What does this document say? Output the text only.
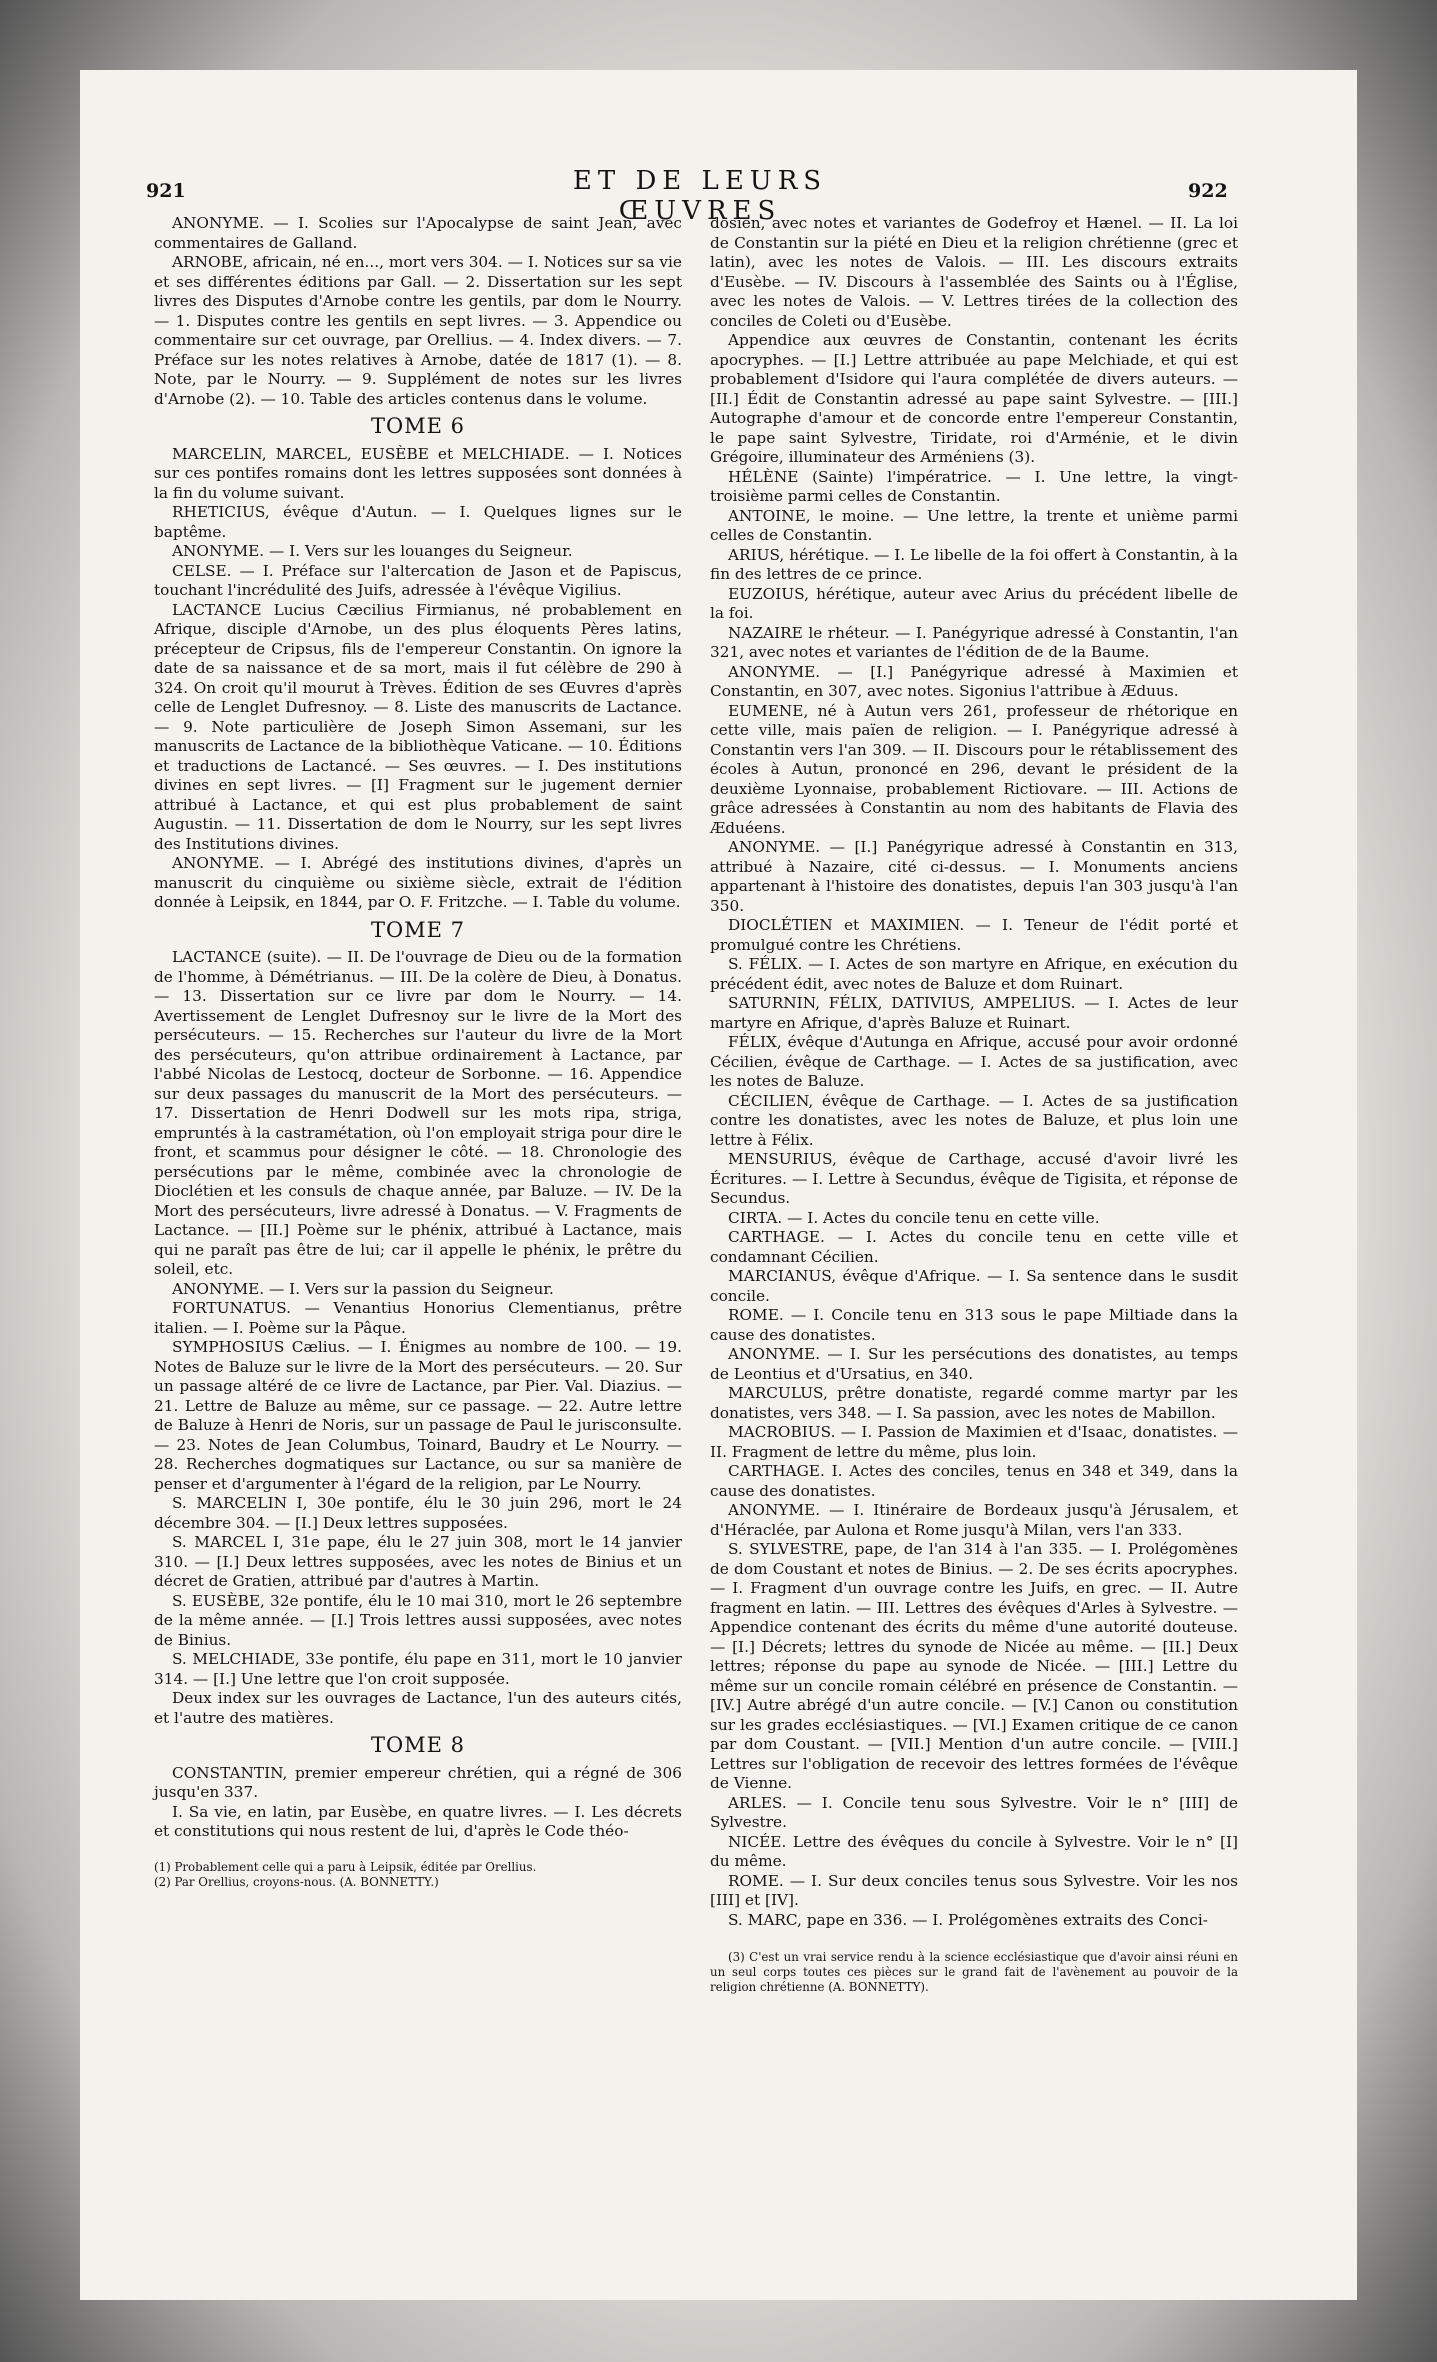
921	ET DE LEURS ŒUVRES
922

ANONYME. — I. Scolies sur l'Apocalypse de saint Jean, avec commentaires de Galland.

ARNOBE, africain, né en..., mort vers 304. — I. Notices sur sa vie et ses différentes éditions par Gall. — 2. Dissertation sur les sept livres des Disputes d'Arnobe contre les gentils, par dom le Nourry. — 1. Disputes contre les gentils en sept livres. — 3. Appendice ou commentaire sur cet ouvrage, par Orellius. — 4. Index divers. — 7. Préface sur les notes relatives à Arnobe, datée de 1817 (1). — 8. Note, par le Nourry. — 9. Supplément de notes sur les livres d'Arnobe (2). — 10. Table des articles contenus dans le volume.

TOME 6

MARCELIN, MARCEL, EUSÈBE et MELCHIADE. — I. Notices sur ces pontifes romains dont les lettres supposées sont données à la fin du volume suivant.

RHETICIUS, évêque d'Autun. — I. Quelques lignes sur le baptême.

ANONYME. — I. Vers sur les louanges du Seigneur.

CELSE. — I. Préface sur l'altercation de Jason et de Papiscus, touchant l'incrédulité des Juifs, adressée à l'évêque Vigilius.

LACTANCE Lucius Cæcilius Firmianus, né probablement en Afrique, disciple d'Arnobe, un des plus éloquents Pères latins, précepteur de Cripsus, fils de l'empereur Constantin. On ignore la date de sa naissance et de sa mort, mais il fut célèbre de 290 à 324. On croit qu'il mourut à Trèves. Édition de ses Œuvres d'après celle de Lenglet Dufresnoy. — 8. Liste des manuscrits de Lactance. — 9. Note particulière de Joseph Simon Assemani, sur les manuscrits de Lactance de la bibliothèque Vaticane. — 10. Éditions et traductions de Lactancé. — Ses œuvres. — I. Des institutions divines en sept livres. — [I] Fragment sur le jugement dernier attribué à Lactance, et qui est plus probablement de saint Augustin. — 11. Dissertation de dom le Nourry, sur les sept livres des Institutions divines.

ANONYME. — I. Abrégé des institutions divines, d'après un manuscrit du cinquième ou sixième siècle, extrait de l'édition donnée à Leipsik, en 1844, par O. F. Fritzche. — I. Table du volume.

TOME 7

LACTANCE (suite). — II. De l'ouvrage de Dieu ou de la formation de l'homme, à Démétrianus. — III. De la colère de Dieu, à Donatus. — 13. Dissertation sur ce livre par dom le Nourry. — 14. Avertissement de Lenglet Dufresnoy sur le livre de la Mort des persécuteurs. — 15. Recherches sur l'auteur du livre de la Mort des persécuteurs, qu'on attribue ordinairement à Lactance, par l'abbé Nicolas de Lestocq, docteur de Sorbonne. — 16. Appendice sur deux passages du manuscrit de la Mort des persécuteurs. — 17. Dissertation de Henri Dodwell sur les mots ripa, striga, empruntés à la castramétation, où l'on employait striga pour dire le front, et scammus pour désigner le côté. — 18. Chronologie des persécutions par le même, combinée avec la chronologie de Dioclétien et les consuls de chaque année, par Baluze. — IV. De la Mort des persécuteurs, livre adressé à Donatus. — V. Fragments de Lactance. — [II.] Poème sur le phénix, attribué à Lactance, mais qui ne paraît pas être de lui; car il appelle le phénix, le prêtre du soleil, etc.

ANONYME. — I. Vers sur la passion du Seigneur.

FORTUNATUS. — Venantius Honorius Clementianus, prêtre italien. — I. Poème sur la Pâque.

SYMPHOSIUS Cælius. — I. Énigmes au nombre de 100. — 19. Notes de Baluze sur le livre de la Mort des persécuteurs. — 20. Sur un passage altéré de ce livre de Lactance, par Pier. Val. Diazius. — 21. Lettre de Baluze au même, sur ce passage. — 22. Autre lettre de Baluze à Henri de Noris, sur un passage de Paul le jurisconsulte. — 23. Notes de Jean Columbus, Toinard, Baudry et Le Nourry. — 28. Recherches dogmatiques sur Lactance, ou sur sa manière de penser et d'argumenter à l'égard de la religion, par Le Nourry.

S. MARCELIN I, 30e pontife, élu le 30 juin 296, mort le 24 décembre 304. — [I.] Deux lettres supposées.

S. MARCEL I, 31e pape, élu le 27 juin 308, mort le 14 janvier 310. — [I.] Deux lettres supposées, avec les notes de Binius et un décret de Gratien, attribué par d'autres à Martin.

S. EUSÈBE, 32e pontife, élu le 10 mai 310, mort le 26 septembre de la même année. — [I.] Trois lettres aussi supposées, avec notes de Binius.

S. MELCHIADE, 33e pontife, élu pape en 311, mort le 10 janvier 314. — [I.] Une lettre que l'on croit supposée.

Deux index sur les ouvrages de Lactance, l'un des auteurs cités, et l'autre des matières.

TOME 8

CONSTANTIN, premier empereur chrétien, qui a régné de 306 jusqu'en 337.

I. Sa vie, en latin, par Eusèbe, en quatre livres. — I. Les décrets et constitutions qui nous restent de lui, d'après le Code théo-

(1) Probablement celle qui a paru à Leipsik, éditée par Orellius.

(2) Par Orellius, croyons-nous. (A. BONNETTY.)

dosien, avec notes et variantes de Godefroy et Hænel. — II. La loi de Constantin sur la piété en Dieu et la religion chrétienne (grec et latin), avec les notes de Valois. — III. Les discours extraits d'Eusèbe. — IV. Discours à l'assemblée des Saints ou à l'Église, avec les notes de Valois. — V. Lettres tirées de la collection des conciles de Coleti ou d'Eusèbe.

Appendice aux œuvres de Constantin, contenant les écrits apocryphes. — [I.] Lettre attribuée au pape Melchiade, et qui est probablement d'Isidore qui l'aura complétée de divers auteurs. — [II.] Édit de Constantin adressé au pape saint Sylvestre. — [III.] Autographe d'amour et de concorde entre l'empereur Constantin, le pape saint Sylvestre, Tiridate, roi d'Arménie, et le divin Grégoire, illuminateur des Arméniens (3).

HÉLÈNE (Sainte) l'impératrice. — I. Une lettre, la vingt-troisième parmi celles de Constantin.

ANTOINE, le moine. — Une lettre, la trente et unième parmi celles de Constantin.

ARIUS, hérétique. — I. Le libelle de la foi offert à Constantin, à la fin des lettres de ce prince.

EUZOIUS, hérétique, auteur avec Arius du précédent libelle de la foi.

NAZAIRE le rhéteur. — I. Panégyrique adressé à Constantin, l'an 321, avec notes et variantes de l'édition de de la Baume.

ANONYME. — [I.] Panégyrique adressé à Maximien et Constantin, en 307, avec notes. Sigonius l'attribue à Æduus.

EUMENE, né à Autun vers 261, professeur de rhétorique en cette ville, mais païen de religion. — I. Panégyrique adressé à Constantin vers l'an 309. — II. Discours pour le rétablissement des écoles à Autun, prononcé en 296, devant le président de la deuxième Lyonnaise, probablement Rictiovare. — III. Actions de grâce adressées à Constantin au nom des habitants de Flavia des Æduéens.

ANONYME. — [I.] Panégyrique adressé à Constantin en 313, attribué à Nazaire, cité ci-dessus. — I. Monuments anciens appartenant à l'histoire des donatistes, depuis l'an 303 jusqu'à l'an 350.

DIOCLÉTIEN et MAXIMIEN. — I. Teneur de l'édit porté et promulgué contre les Chrétiens.

S. FÉLIX. — I. Actes de son martyre en Afrique, en exécution du précédent édit, avec notes de Baluze et dom Ruinart.

SATURNIN, FÉLIX, DATIVIUS, AMPELIUS. — I. Actes de leur martyre en Afrique, d'après Baluze et Ruinart.

FÉLIX, évêque d'Autunga en Afrique, accusé pour avoir ordonné Cécilien, évêque de Carthage. — I. Actes de sa justification, avec les notes de Baluze.

CÉCILIEN, évêque de Carthage. — I. Actes de sa justification contre les donatistes, avec les notes de Baluze, et plus loin une lettre à Félix.

MENSURIUS, évêque de Carthage, accusé d'avoir livré les Écritures. — I. Lettre à Secundus, évêque de Tigisita, et réponse de Secundus.

CIRTA. — I. Actes du concile tenu en cette ville.

CARTHAGE. — I. Actes du concile tenu en cette ville et condamnant Cécilien.

MARCIANUS, évêque d'Afrique. — I. Sa sentence dans le susdit concile.

ROME. — I. Concile tenu en 313 sous le pape Miltiade dans la cause des donatistes.

ANONYME. — I. Sur les persécutions des donatistes, au temps de Leontius et d'Ursatius, en 340.

MARCULUS, prêtre donatiste, regardé comme martyr par les donatistes, vers 348. — I. Sa passion, avec les notes de Mabillon.

MACROBIUS. — I. Passion de Maximien et d'Isaac, donatistes. — II. Fragment de lettre du même, plus loin.

CARTHAGE. I. Actes des conciles, tenus en 348 et 349, dans la cause des donatistes.

ANONYME. — I. Itinéraire de Bordeaux jusqu'à Jérusalem, et d'Héraclée, par Aulona et Rome jusqu'à Milan, vers l'an 333.

S. SYLVESTRE, pape, de l'an 314 à l'an 335. — I. Prolégomènes de dom Coustant et notes de Binius. — 2. De ses écrits apocryphes. — I. Fragment d'un ouvrage contre les Juifs, en grec. — II. Autre fragment en latin. — III. Lettres des évêques d'Arles à Sylvestre. — Appendice contenant des écrits du même d'une autorité douteuse. — [I.] Décrets; lettres du synode de Nicée au même. — [II.] Deux lettres; réponse du pape au synode de Nicée. — [III.] Lettre du même sur un concile romain célébré en présence de Constantin. — [IV.] Autre abrégé d'un autre concile. — [V.] Canon ou constitution sur les grades ecclésiastiques. — [VI.] Examen critique de ce canon par dom Coustant. — [VII.] Mention d'un autre concile. — [VIII.] Lettres sur l'obligation de recevoir des lettres formées de l'évêque de Vienne.

ARLES. — I. Concile tenu sous Sylvestre. Voir le n° [III] de Sylvestre.

NICÉE. Lettre des évêques du concile à Sylvestre. Voir le n° [I] du même.

ROME. — I. Sur deux conciles tenus sous Sylvestre. Voir les nos [III] et [IV].

S. MARC, pape en 336. — I. Prolégomènes extraits des Conci-

(3) C'est un vrai service rendu à la science ecclésiastique que d'avoir ainsi réuni en un seul corps toutes ces pièces sur le grand fait de l'avènement au pouvoir de la religion chrétienne (A. BONNETTY).
